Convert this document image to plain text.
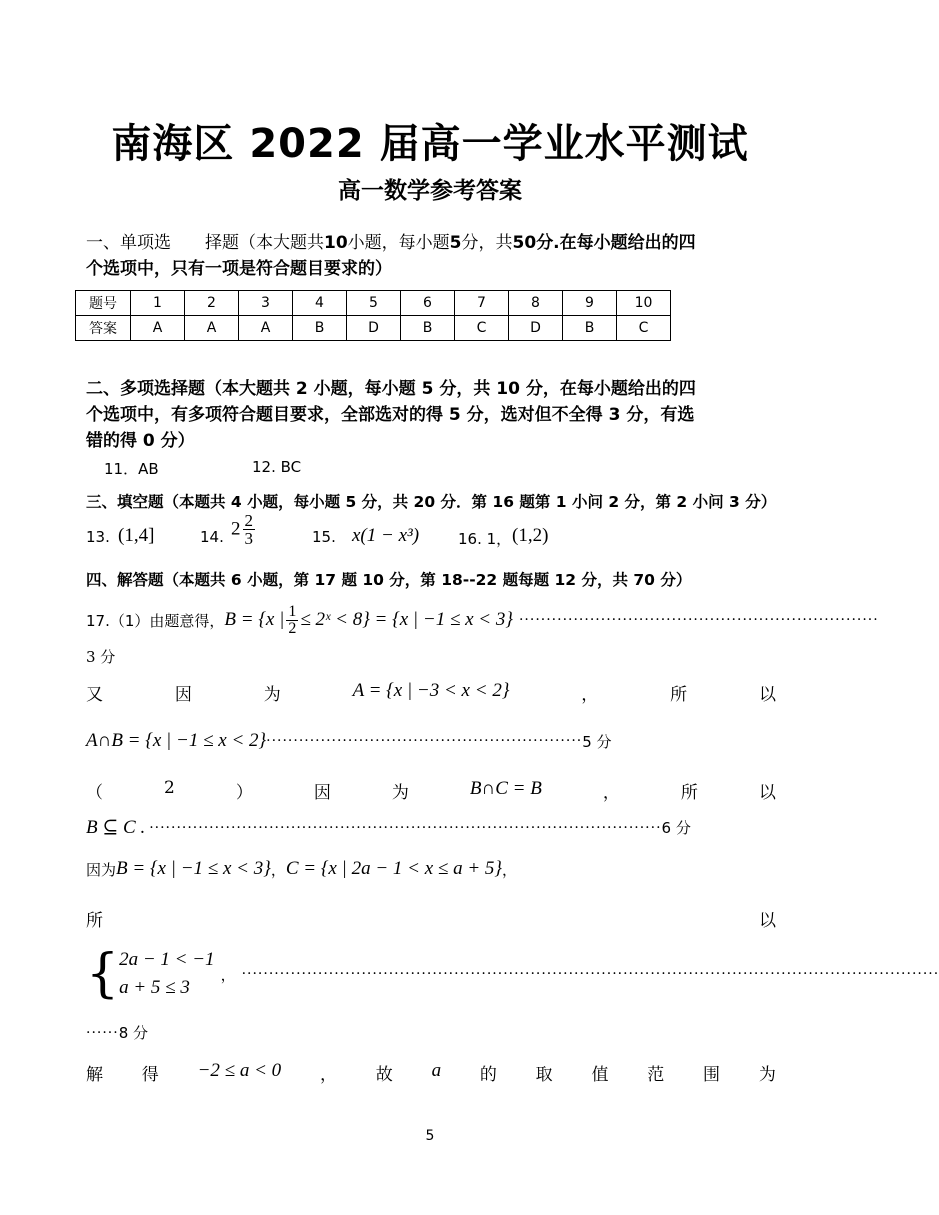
南海区 2022 届高一学业水平测试
高一数学参考答案
一、单项选　　择题（本大题共10小题，每小题5分，共50分.在每小题给出的四
个选项中，只有一项是符合题目要求的）
题号	1	2	3	4	5	6	7	8	9	10
答案	A	A	A	B	D	B	C	D	B	C
二、多项选择题（本大题共 2 小题，每小题 5 分，共 10 分，在每小题给出的四
个选项中，有多项符合题目要求，全部选对的得 5 分，选对但不全得 3 分，有选
错的得 0 分）
11．AB	12. BC
三、填空题（本题共 4 小题，每小题 5 分，共 20 分．第 16 题第 1 小问 2 分，第 2 小问 3 分）
13. (1,4]	14. $2 \frac{2}{3}$	15. x(1 − x³)	16. 1， (1,2)
四、解答题（本题共 6 小题，第 17 题 10 分，第 18--22 题每题 12 分，共 70 分）
17.（1）由题意得， B = {x | $\frac{1}{2}$ ≤ 2ˣ < 8} = {x | −1 ≤ x < 3} ··································································
3 分
又	因	为	A = {x | −3 < x < 2}	，	所	以
A∩B = {x | −1 ≤ x < 2} ·························································· 5 分
（	2	）	因	为	B∩C = B	，	所	以
B ⊆ C . ······························································································ 6 分
因为 B = {x | −1 ≤ x < 3} ， C = {x | 2a − 1 < x ≤ a + 5} ，
所	以
{ 2a − 1 < −1
a + 5 ≤ 3
， ································································································································
······ 8 分
解 得 −2 ≤ a < 0 ， 故 a 的 取 值 范 围 为
5
